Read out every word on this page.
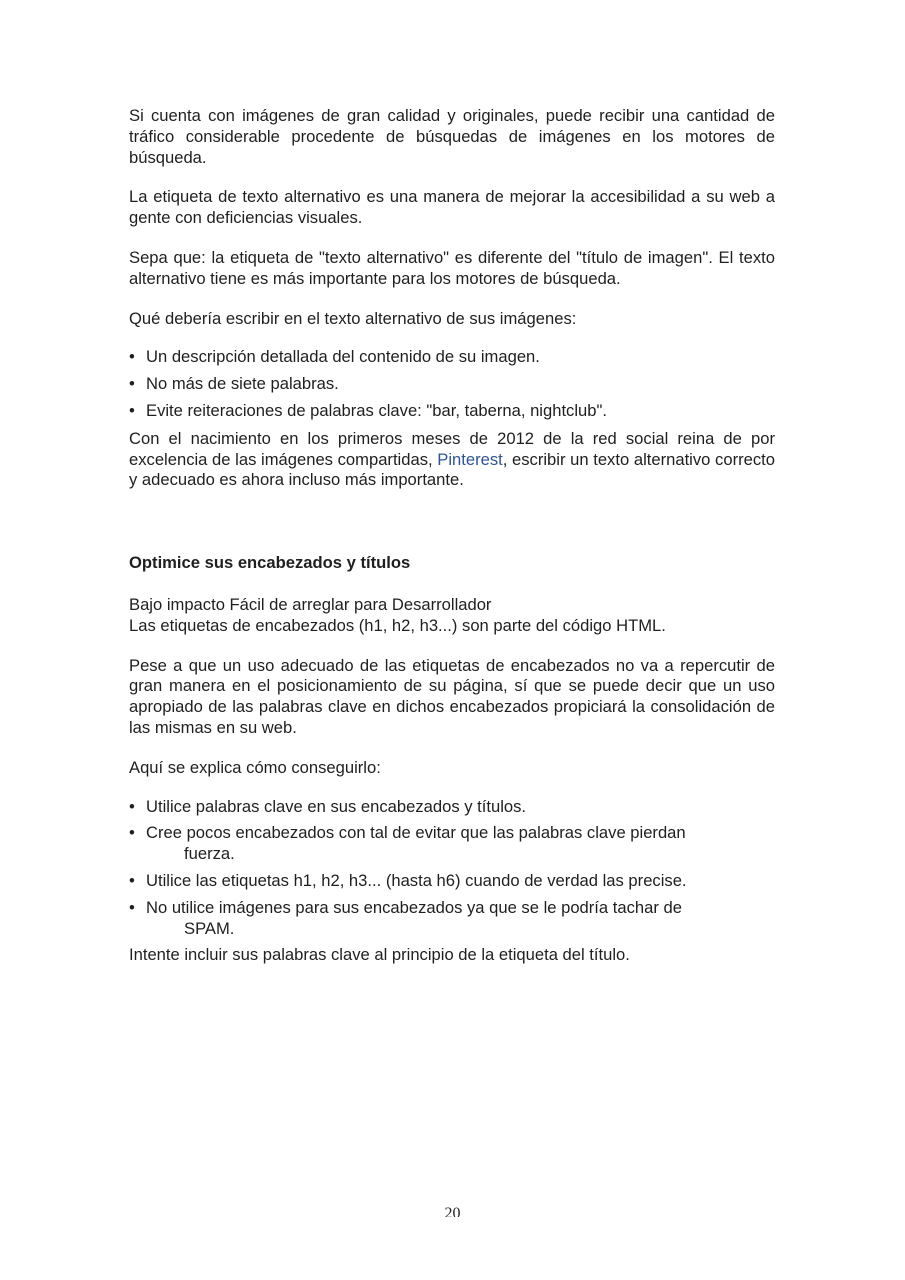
Si cuenta con imágenes de gran calidad y originales, puede recibir una cantidad de tráfico considerable procedente de búsquedas de imágenes en los motores de búsqueda.

La etiqueta de texto alternativo es una manera de mejorar la accesibilidad a su web a gente con deficiencias visuales.

Sepa que: la etiqueta de "texto alternativo" es diferente del "título de imagen". El texto alternativo tiene es más importante para los motores de búsqueda.

Qué debería escribir en el texto alternativo de sus imágenes:

• Un descripción detallada del contenido de su imagen.
• No más de siete palabras.
• Evite reiteraciones de palabras clave: "bar, taberna, nightclub".

Con el nacimiento en los primeros meses de 2012 de la red social reina de por excelencia de las imágenes compartidas, Pinterest, escribir un texto alternativo correcto y adecuado es ahora incluso más importante.

Optimice sus encabezados y títulos

Bajo impacto Fácil de arreglar para Desarrollador

Las etiquetas de encabezados (h1, h2, h3...) son parte del código HTML.

Pese a que un uso adecuado de las etiquetas de encabezados no va a repercutir de gran manera en el posicionamiento de su página, sí que se puede decir que un uso apropiado de las palabras clave en dichos encabezados propiciará la consolidación de las mismas en su web.

Aquí se explica cómo conseguirlo:

• Utilice palabras clave en sus encabezados y títulos.
• Cree pocos encabezados con tal de evitar que las palabras clave pierdan
fuerza.
• Utilice las etiquetas h1, h2, h3... (hasta h6) cuando de verdad las precise.
• No utilice imágenes para sus encabezados ya que se le podría tachar de
SPAM.

Intente incluir sus palabras clave al principio de la etiqueta del título.

20
